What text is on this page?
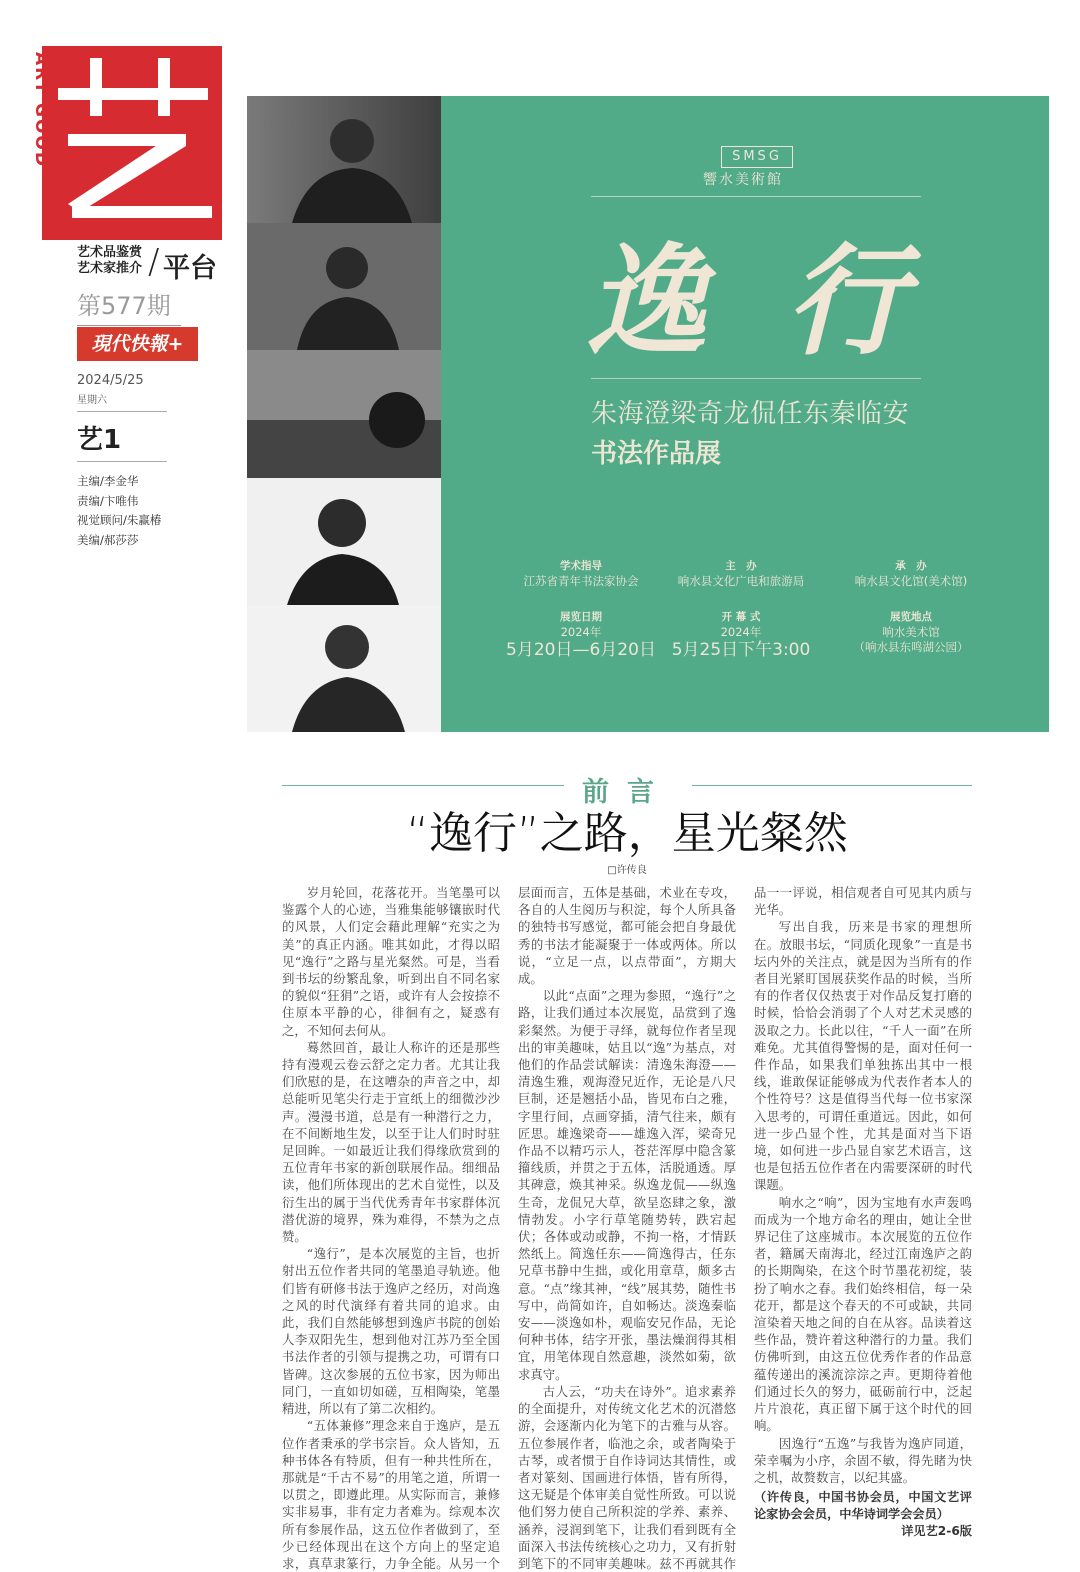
ART GOOD
艺术品鉴赏
艺术家推介 / 平台
第577期
現代快報+
2024/5/25
星期六
艺1
主编/李金华
责编/卞唯伟
视觉顾问/朱赢椿
美编/郝莎莎
SMSG
響水美術館
逸行
朱海澄梁奇龙侃任东秦临安
书法作品展
学术指导
江苏省青年书法家协会
主　办
响水县文化广电和旅游局
承　办
响水县文化馆(美术馆)
展览日期
2024年
5月20日—6月20日
开 幕 式
2024年
5月25日下午3:00
展览地点
响水美术馆
（响水县东鸣湖公园）
前言
“逸行”之路，星光粲然
□许传良

岁月轮回，花落花开。当笔墨可以鉴露个人的心迹，当雅集能够镶嵌时代的风景，人们定会藉此理解“充实之为美”的真正内涵。唯其如此，才得以昭见“逸行”之路与星光粲然。可是，当看到书坛的纷繁乱象，听到出自不同名家的貌似“狂狷”之语，或许有人会按捺不住原本平静的心，徘徊有之，疑惑有之，不知何去何从。

蓦然回首，最让人称许的还是那些持有漫观云卷云舒之定力者。尤其让我们欣慰的是，在这嘈杂的声音之中，却总能听见笔尖行走于宣纸上的细微沙沙声。漫漫书道，总是有一种潜行之力，在不间断地生发，以至于让人们时时驻足回眸。一如最近让我们得缘欣赏到的五位青年书家的新创联展作品。细细品读，他们所体现出的艺术自觉性，以及衍生出的属于当代优秀青年书家群体沉潜优游的境界，殊为难得，不禁为之点赞。

“逸行”，是本次展览的主旨，也折射出五位作者共同的笔墨追寻轨迹。他们皆有研修书法于逸庐之经历，对尚逸之风的时代演绎有着共同的追求。由此，我们自然能够想到逸庐书院的创始人李双阳先生，想到他对江苏乃至全国书法作者的引领与提携之功，可谓有口皆碑。这次参展的五位书家，因为师出同门，一直如切如磋，互相陶染，笔墨精进，所以有了第二次相约。

“五体兼修”理念来自于逸庐，是五位作者秉承的学书宗旨。众人皆知，五种书体各有特质，但有一种共性所在，那就是“千古不易”的用笔之道，所谓一以贯之，即遵此理。从实际而言，兼修实非易事，非有定力者难为。综观本次所有参展作品，这五位作者做到了，至少已经体现出在这个方向上的坚定追求，真草隶篆行，力争全能。从另一个层面而言，五体是基础，术业在专攻，各自的人生阅历与积淀，每个人所具备的独特书写感觉，都可能会把自身最优秀的书法才能凝聚于一体或两体。所以说，“立足一点，以点带面”，方期大成。

以此“点面”之理为参照，“逸行”之路，让我们通过本次展览，品赏到了逸彩粲然。为便于寻绎，就每位作者呈现出的审美趣味，姑且以“逸”为基点，对他们的作品尝试解读：清逸朱海澄——清逸生雅，观海澄兄近作，无论是八尺巨制，还是翘括小品，皆见布白之雅，字里行间，点画穿插，清气往来，颇有匠思。雄逸梁奇——雄逸入浑，梁奇兄作品不以精巧示人，苍茫浑厚中隐含篆籀线质，并贯之于五体，活脱通透。厚其碑意，焕其神采。纵逸龙侃——纵逸生奇，龙侃兄大草，欲呈恣肆之象，激情勃发。小字行草笔随势转，跌宕起伏；各体或动或静，不拘一格，才情跃然纸上。简逸任东——简逸得古，任东兄草书静中生拙，或化用章草，颇多古意。“点”缘其神，“线”展其势，随性书写中，尚简如许，自如畅达。淡逸秦临安——淡逸如朴，观临安兄作品，无论何种书体，结字开张，墨法燥润得其相宜，用笔体现自然意趣，淡然如菊，欲求真守。

古人云，“功夫在诗外”。追求素养的全面提升，对传统文化艺术的沉潜悠游，会逐渐内化为笔下的古雅与从容。五位参展作者，临池之余，或者陶染于古琴，或者惯于自作诗词达其情性，或者对篆刻、国画进行体悟，皆有所得，这无疑是个体审美自觉性所致。可以说他们努力使自己所积淀的学养、素养、涵养，浸润到笔下，让我们看到既有全面深入书法传统核心之功力，又有折射到笔下的不同审美趣味。兹不再就其作品一一评说，相信观者自可见其内质与光华。

写出自我，历来是书家的理想所在。放眼书坛，“同质化现象”一直是书坛内外的关注点，就是因为当所有的作者目光紧盯国展获奖作品的时候，当所有的作者仅仅热衷于对作品反复打磨的时候，恰恰会消弱了个人对艺术灵感的汲取之力。长此以往，“千人一面”在所难免。尤其值得警惕的是，面对任何一件作品，如果我们单独拣出其中一根线，谁敢保证能够成为代表作者本人的个性符号？这是值得当代每一位书家深入思考的，可谓任重道远。因此，如何进一步凸显个性，尤其是面对当下语境，如何进一步凸显自家艺术语言，这也是包括五位作者在内需要深研的时代课题。

响水之“响”，因为宝地有水声轰鸣而成为一个地方命名的理由，她让全世界记住了这座城市。本次展览的五位作者，籍属天南海北，经过江南逸庐之韵的长期陶染，在这个时节墨花初绽，装扮了响水之春。我们始终相信，每一朵花开，都是这个春天的不可或缺，共同渲染着天地之间的自在从容。品读着这些作品，赞许着这种潜行的力量。我们仿佛听到，由这五位优秀作者的作品意蕴传递出的溪流淙淙之声。更期待着他们通过长久的努力，砥砺前行中，泛起片片浪花，真正留下属于这个时代的回响。

因逸行“五逸”与我皆为逸庐同道，荣幸嘱为小序，余固不敏，得先睹为快之机，故赘数言，以纪其盛。

（许传良，中国书协会员，中国文艺评论家协会会员，中华诗词学会会员）

详见艺2-6版
